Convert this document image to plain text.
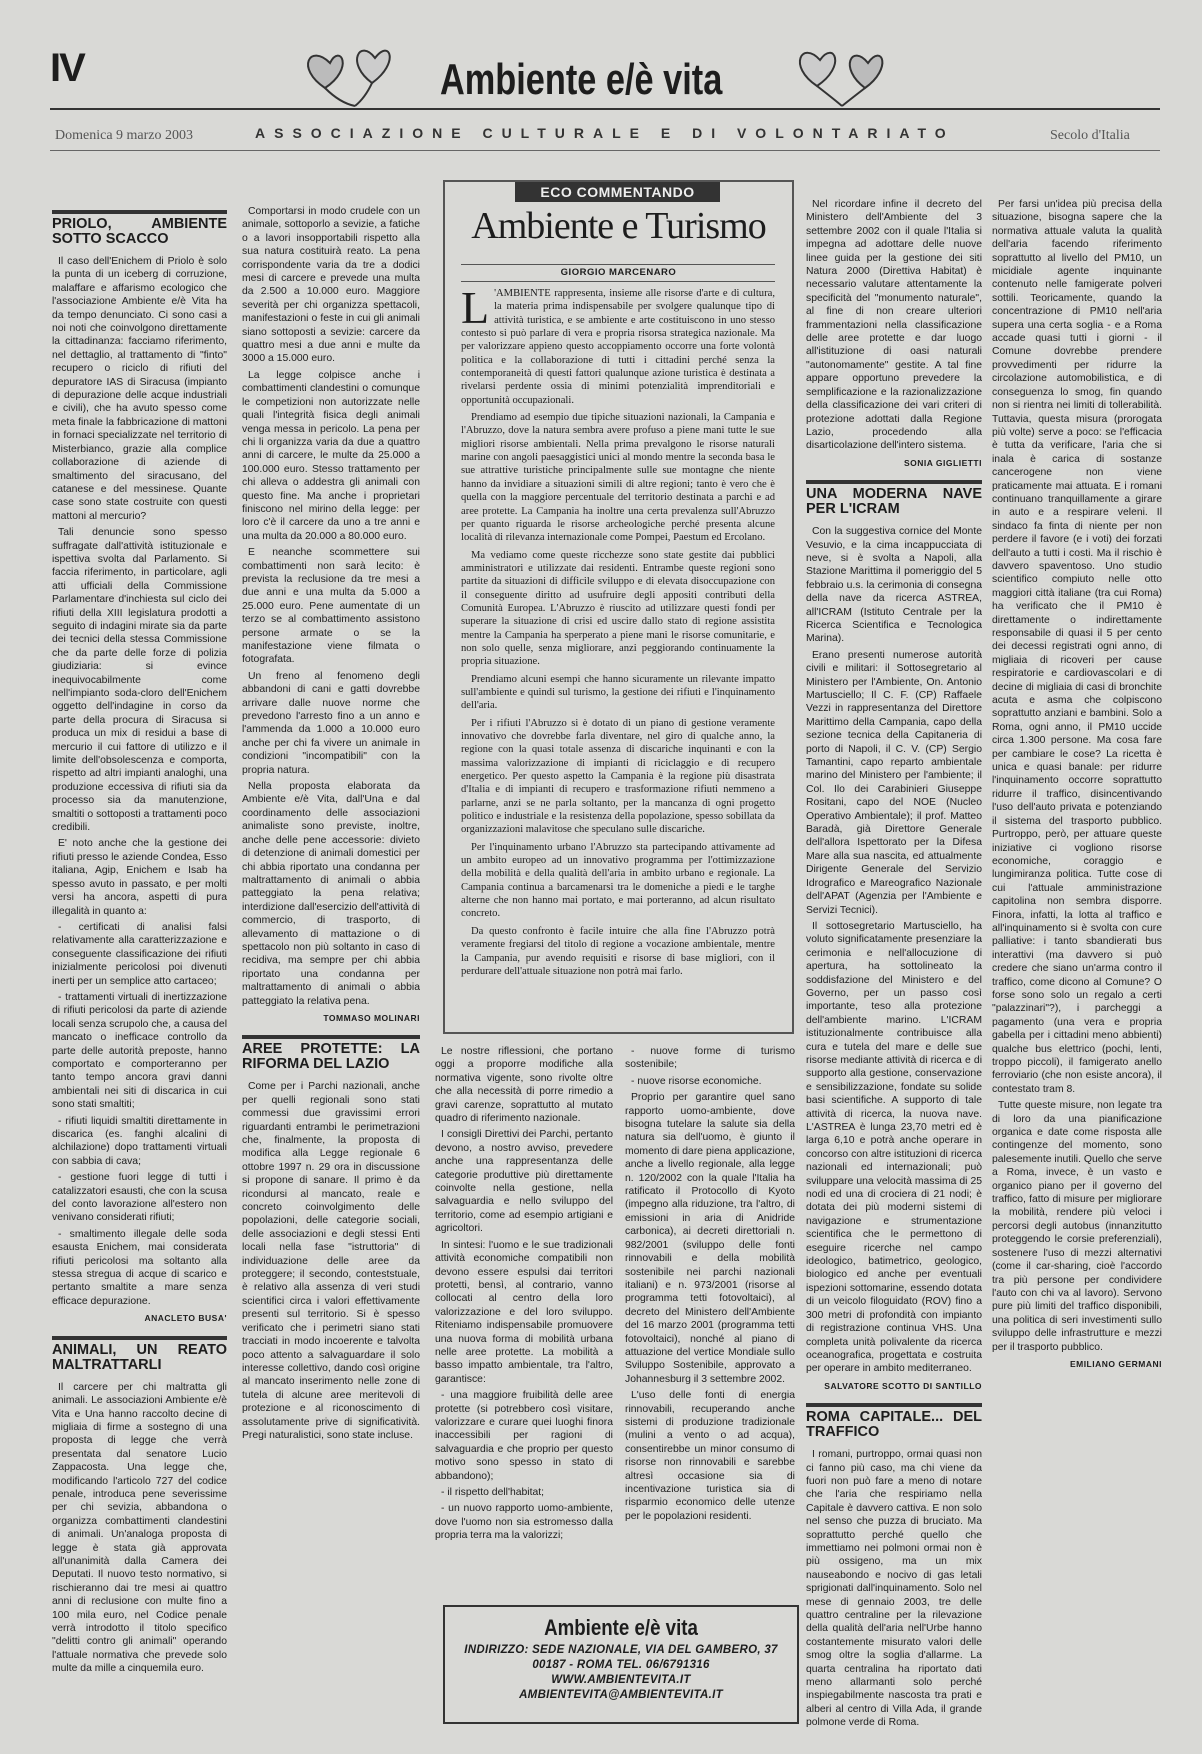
IV	Ambiente e/è vita
Domenica 9 marzo 2003	ASSOCIAZIONE CULTURALE E DI VOLONTARIATO	Secolo d'Italia
PRIOLO, AMBIENTE SOTTO SCACCO

Il caso dell'Enichem di Priolo è solo la punta di un iceberg di corruzione, malaffare e affarismo ecologico che l'associazione Ambiente e/è Vita ha da tempo denunciato. Ci sono casi a noi noti che coinvolgono direttamente la cittadinanza: facciamo riferimento, nel dettaglio, al trattamento di "finto" recupero o riciclo di rifiuti del depuratore IAS di Siracusa (impianto di depurazione delle acque industriali e civili), che ha avuto spesso come meta finale la fabbricazione di mattoni in fornaci specializzate nel territorio di Misterbianco, grazie alla complice collaborazione di aziende di smaltimento del siracusano, del catanese e del messinese. Quante case sono state costruite con questi mattoni al mercurio?

Tali denuncie sono spesso suffragate dall'attività istituzionale e ispettiva svolta dal Parlamento. Si faccia riferimento, in particolare, agli atti ufficiali della Commissione Parlamentare d'inchiesta sul ciclo dei rifiuti della XIII legislatura prodotti a seguito di indagini mirate sia da parte dei tecnici della stessa Commissione che da parte delle forze di polizia giudiziaria: si evince inequivocabilmente come nell'impianto soda-cloro dell'Enichem oggetto dell'indagine in corso da parte della procura di Siracusa si produca un mix di residui a base di mercurio il cui fattore di utilizzo e il limite dell'obsolescenza e comporta, rispetto ad altri impianti analoghi, una produzione eccessiva di rifiuti sia da processo sia da manutenzione, smaltiti o sottoposti a trattamenti poco credibili.

E' noto anche che la gestione dei rifiuti presso le aziende Condea, Esso italiana, Agip, Enichem e Isab ha spesso avuto in passato, e per molti versi ha ancora, aspetti di pura illegalità in quanto a:

- certificati di analisi falsi relativamente alla caratterizzazione e conseguente classificazione dei rifiuti inizialmente pericolosi poi divenuti inerti per un semplice atto cartaceo;

- trattamenti virtuali di inertizzazione di rifiuti pericolosi da parte di aziende locali senza scrupolo che, a causa del mancato o inefficace controllo da parte delle autorità preposte, hanno comportato e comporteranno per tanto tempo ancora gravi danni ambientali nei siti di discarica in cui sono stati smaltiti;

- rifiuti liquidi smaltiti direttamente in discarica (es. fanghi alcalini di alchilazione) dopo trattamenti virtuali con sabbia di cava;

- gestione fuori legge di tutti i catalizzatori esausti, che con la scusa del conto lavorazione all'estero non venivano considerati rifiuti;

- smaltimento illegale delle soda esausta Enichem, mai considerata rifiuti pericolosi ma soltanto alla stessa stregua di acque di scarico e pertanto smaltite a mare senza efficace depurazione.

ANACLETO BUSA'
ANIMALI, UN REATO MALTRATTARLI

Il carcere per chi maltratta gli animali. Le associazioni Ambiente e/è Vita e Una hanno raccolto decine di migliaia di firme a sostegno di una proposta di legge che verrà presentata dal senatore Lucio Zappacosta. Una legge che, modificando l'articolo 727 del codice penale, introduca pene severissime per chi sevizia, abbandona o organizza combattimenti clandestini di animali. Un'analoga proposta di legge è stata già approvata all'unanimità dalla Camera dei Deputati. Il nuovo testo normativo, si rischieranno dai tre mesi ai quattro anni di reclusione con multe fino a 100 mila euro, nel Codice penale verrà introdotto il titolo specifico "delitti contro gli animali" operando l'attuale normativa che prevede solo multe da mille a cinquemila euro.

Comportarsi in modo crudele con un animale, sottoporlo a sevizie, a fatiche o a lavori insopportabili rispetto alla sua natura costituirà reato. La pena corrispondente varia da tre a dodici mesi di carcere e prevede una multa da 2.500 a 10.000 euro. Maggiore severità per chi organizza spettacoli, manifestazioni o feste in cui gli animali siano sottoposti a sevizie: carcere da quattro mesi a due anni e multe da 3000 a 15.000 euro.

La legge colpisce anche i combattimenti clandestini o comunque le competizioni non autorizzate nelle quali l'integrità fisica degli animali venga messa in pericolo. La pena per chi li organizza varia da due a quattro anni di carcere, le multe da 25.000 a 100.000 euro. Stesso trattamento per chi alleva o addestra gli animali con questo fine. Ma anche i proprietari finiscono nel mirino della legge: per loro c'è il carcere da uno a tre anni e una multa da 20.000 a 80.000 euro.

E neanche scommettere sui combattimenti non sarà lecito: è prevista la reclusione da tre mesi a due anni e una multa da 5.000 a 25.000 euro. Pene aumentate di un terzo se al combattimento assistono persone armate o se la manifestazione viene filmata o fotografata.

Un freno al fenomeno degli abbandoni di cani e gatti dovrebbe arrivare dalle nuove norme che prevedono l'arresto fino a un anno e l'ammenda da 1.000 a 10.000 euro anche per chi fa vivere un animale in condizioni "incompatibili" con la propria natura.

Nella proposta elaborata da Ambiente e/è Vita, dall'Una e dal coordinamento delle associazioni animaliste sono previste, inoltre, anche delle pene accessorie: divieto di detenzione di animali domestici per chi abbia riportato una condanna per maltrattamento di animali o abbia patteggiato la pena relativa; interdizione dall'esercizio dell'attività di commercio, di trasporto, di allevamento di mattazione o di spettacolo non più soltanto in caso di recidiva, ma sempre per chi abbia riportato una condanna per maltrattamento di animali o abbia patteggiato la relativa pena.

TOMMASO MOLINARI
AREE PROTETTE: LA RIFORMA DEL LAZIO

Come per i Parchi nazionali, anche per quelli regionali sono stati commessi due gravissimi errori riguardanti entrambi le perimetrazioni che, finalmente, la proposta di modifica alla Legge regionale 6 ottobre 1997 n. 29 ora in discussione si propone di sanare. Il primo è da ricondursi al mancato, reale e concreto coinvolgimento delle popolazioni, delle categorie sociali, delle associazioni e degli stessi Enti locali nella fase "istruttoria" di individuazione delle aree da proteggere; il secondo, conteststuale, è relativo alla assenza di veri studi scientifici circa i valori effettivamente presenti sul territorio. Si è spesso verificato che i perimetri siano stati tracciati in modo incoerente e talvolta poco attento a salvaguardare il solo interesse collettivo, dando così origine al mancato inserimento nelle zone di tutela di alcune aree meritevoli di protezione e al riconoscimento di assolutamente prive di significatività. Pregi naturalistici, sono state incluse.

ECO COMMENTANDO
Ambiente e Turismo
GIORGIO MARCENARO

L 'AMBIENTE rappresenta, insieme alle risorse d'arte e di cultura, la materia prima indispensabile per svolgere qualunque tipo di attività turistica, e se ambiente e arte costituiscono in uno stesso contesto si può parlare di vera e propria risorsa strategica nazionale. Ma per valorizzare appieno questo accoppiamento occorre una forte volontà politica e la collaborazione di tutti i cittadini perché senza la contemporaneità di questi fattori qualunque azione turistica è destinata a rivelarsi perdente ossia di minimi potenzialità imprenditoriali e opportunità occupazionali.

Prendiamo ad esempio due tipiche situazioni nazionali, la Campania e l'Abruzzo, dove la natura sembra avere profuso a piene mani tutte le sue migliori risorse ambientali. Nella prima prevalgono le risorse naturali marine con angoli paesaggistici unici al mondo mentre la seconda basa le sue attrattive turistiche principalmente sulle sue montagne che niente hanno da invidiare a situazioni simili di altre regioni; tanto è vero che è quella con la maggiore percentuale del territorio destinata a parchi e ad aree protette. La Campania ha inoltre una certa prevalenza sull'Abruzzo per quanto riguarda le risorse archeologiche perché presenta alcune località di rilevanza internazionale come Pompei, Paestum ed Ercolano.

Ma vediamo come queste ricchezze sono state gestite dai pubblici amministratori e utilizzate dai residenti. Entrambe queste regioni sono partite da situazioni di difficile sviluppo e di elevata disoccupazione con il conseguente diritto ad usufruire degli appositi contributi della Comunità Europea. L'Abruzzo è riuscito ad utilizzare questi fondi per superare la situazione di crisi ed uscire dallo stato di regione assistita mentre la Campania ha sperperato a piene mani le risorse comunitarie, e non solo quelle, senza migliorare, anzi peggiorando continuamente la propria situazione.

Prendiamo alcuni esempi che hanno sicuramente un rilevante impatto sull'ambiente e quindi sul turismo, la gestione dei rifiuti e l'inquinamento dell'aria.

Per i rifiuti l'Abruzzo si è dotato di un piano di gestione veramente innovativo che dovrebbe farla diventare, nel giro di qualche anno, la regione con la quasi totale assenza di discariche inquinanti e con la massima valorizzazione di impianti di riciclaggio e di recupero energetico. Per questo aspetto la Campania è la regione più disastrata d'Italia e di impianti di recupero e trasformazione rifiuti nemmeno a parlarne, anzi se ne parla soltanto, per la mancanza di ogni progetto politico e industriale e la resistenza della popolazione, spesso sobillata da organizzazioni malavitose che speculano sulle discariche.

Per l'inquinamento urbano l'Abruzzo sta partecipando attivamente ad un ambito europeo ad un innovativo programma per l'ottimizzazione della mobilità e della qualità dell'aria in ambito urbano e regionale. La Campania continua a barcamenarsi tra le domeniche a piedi e le targhe alterne che non hanno mai portato, e mai porteranno, ad alcun risultato concreto.

Da questo confronto è facile intuire che alla fine l'Abruzzo potrà veramente fregiarsi del titolo di regione a vocazione ambientale, mentre la Campania, pur avendo requisiti e risorse di base migliori, con il perdurare dell'attuale situazione non potrà mai farlo.

Le nostre riflessioni, che portano oggi a proporre modifiche alla normativa vigente, sono rivolte oltre che alla necessità di porre rimedio a gravi carenze, soprattutto al mutato quadro di riferimento nazionale.

I consigli Direttivi dei Parchi, pertanto devono, a nostro avviso, prevedere anche una rappresentanza delle categorie produttive più direttamente coinvolte nella gestione, nella salvaguardia e nello sviluppo del territorio, come ad esempio artigiani e agricoltori.

In sintesi: l'uomo e le sue tradizionali attività economiche compatibili non devono essere espulsi dai territori protetti, bensì, al contrario, vanno collocati al centro della loro valorizzazione e del loro sviluppo. Riteniamo indispensabile promuovere una nuova forma di mobilità urbana nelle aree protette. La mobilità a basso impatto ambientale, tra l'altro, garantisce:

- una maggiore fruibilità delle aree protette (si potrebbero così visitare, valorizzare e curare quei luoghi finora inaccessibili per ragioni di salvaguardia e che proprio per questo motivo sono spesso in stato di abbandono);

- il rispetto dell'habitat;

- un nuovo rapporto uomo-ambiente, dove l'uomo non sia estromesso dalla propria terra ma la valorizzi;

- nuove forme di turismo sostenibile;

- nuove risorse economiche.

Proprio per garantire quel sano rapporto uomo-ambiente, dove bisogna tutelare la salute sia della natura sia dell'uomo, è giunto il momento di dare piena applicazione, anche a livello regionale, alla legge n. 120/2002 con la quale l'Italia ha ratificato il Protocollo di Kyoto (impegno alla riduzione, tra l'altro, di emissioni in aria di Anidride carbonica), ai decreti direttoriali n. 982/2001 (sviluppo delle fonti rinnovabili e della mobilità sostenibile nei parchi nazionali italiani) e n. 973/2001 (risorse al programma tetti fotovoltaici), al decreto del Ministero dell'Ambiente del 16 marzo 2001 (programma tetti fotovoltaici), nonché al piano di attuazione del vertice Mondiale sullo Sviluppo Sostenibile, approvato a Johannesburg il 3 settembre 2002.

L'uso delle fonti di energia rinnovabili, recuperando anche sistemi di produzione tradizionale (mulini a vento o ad acqua), consentirebbe un minor consumo di risorse non rinnovabili e sarebbe altresì occasione sia di incentivazione turistica sia di risparmio economico delle utenze per le popolazioni residenti.

Nel ricordare infine il decreto del Ministero dell'Ambiente del 3 settembre 2002 con il quale l'Italia si impegna ad adottare delle nuove linee guida per la gestione dei siti Natura 2000 (Direttiva Habitat) è necessario valutare attentamente la specificità del "monumento naturale", al fine di non creare ulteriori frammentazioni nella classificazione delle aree protette e dar luogo all'istituzione di oasi naturali "autonomamente" gestite. A tal fine appare opportuno prevedere la semplificazione e la razionalizzazione della classificazione dei vari criteri di protezione adottati dalla Regione Lazio, procedendo alla disarticolazione dell'intero sistema.

SONIA GIGLIETTI
UNA MODERNA NAVE PER L'ICRAM

Con la suggestiva cornice del Monte Vesuvio, e la cima incappucciata di neve, si è svolta a Napoli, alla Stazione Marittima il pomeriggio del 5 febbraio u.s. la cerimonia di consegna della nave da ricerca ASTREA, all'ICRAM (Istituto Centrale per la Ricerca Scientifica e Tecnologica Marina).

Erano presenti numerose autorità civili e militari: il Sottosegretario al Ministero per l'Ambiente, On. Antonio Martusciello; Il C. F. (CP) Raffaele Vezzi in rappresentanza del Direttore Marittimo della Campania, capo della sezione tecnica della Capitaneria di porto di Napoli, il C. V. (CP) Sergio Tamantini, capo reparto ambientale marino del Ministero per l'ambiente; il Col. Ilo dei Carabinieri Giuseppe Rositani, capo del NOE (Nucleo Operativo Ambientale); il prof. Matteo Baradà, già Direttore Generale dell'allora Ispettorato per la Difesa Mare alla sua nascita, ed attualmente Dirigente Generale del Servizio Idrografico e Mareografico Nazionale dell'APAT (Agenzia per l'Ambiente e Servizi Tecnici).

Il sottosegretario Martusciello, ha voluto significatamente presenziare la cerimonia e nell'allocuzione di apertura, ha sottolineato la soddisfazione del Ministero e del Governo, per un passo così importante, teso alla protezione dell'ambiente marino. L'ICRAM istituzionalmente contribuisce alla cura e tutela del mare e delle sue risorse mediante attività di ricerca e di supporto alla gestione, conservazione e sensibilizzazione, fondate su solide basi scientifiche. A supporto di tale attività di ricerca, la nuova nave. L'ASTREA è lunga 23,70 metri ed è larga 6,10 e potrà anche operare in concorso con altre istituzioni di ricerca nazionali ed internazionali; può sviluppare una velocità massima di 25 nodi ed una di crociera di 21 nodi; è dotata dei più moderni sistemi di navigazione e strumentazione scientifica che le permettono di eseguire ricerche nel campo ideologico, batimetrico, geologico, biologico ed anche per eventuali ispezioni sottomarine, essendo dotata di un veicolo filoguidato (ROV) fino a 300 metri di profondità con impianto di registrazione continua VHS. Una completa unità polivalente da ricerca oceanografica, progettata e costruita per operare in ambito mediterraneo.

SALVATORE SCOTTO DI SANTILLO
ROMA CAPITALE... DEL TRAFFICO

I romani, purtroppo, ormai quasi non ci fanno più caso, ma chi viene da fuori non può fare a meno di notare che l'aria che respiriamo nella Capitale è davvero cattiva. E non solo nel senso che puzza di bruciato. Ma soprattutto perché quello che immettiamo nei polmoni ormai non è più ossigeno, ma un mix nauseabondo e nocivo di gas letali sprigionati dall'inquinamento. Solo nel mese di gennaio 2003, tre delle quattro centraline per la rilevazione della qualità dell'aria nell'Urbe hanno costantemente misurato valori delle smog oltre la soglia d'allarme. La quarta centralina ha riportato dati meno allarmanti solo perché inspiegabilmente nascosta tra prati e alberi al centro di Villa Ada, il grande polmone verde di Roma.

Per farsi un'idea più precisa della situazione, bisogna sapere che la normativa attuale valuta la qualità dell'aria facendo riferimento soprattutto al livello del PM10, un micidiale agente inquinante contenuto nelle famigerate polveri sottili. Teoricamente, quando la concentrazione di PM10 nell'aria supera una certa soglia - e a Roma accade quasi tutti i giorni - il Comune dovrebbe prendere provvedimenti per ridurre la circolazione automobilistica, e di conseguenza lo smog, fin quando non si rientra nei limiti di tollerabilità. Tuttavia, questa misura (prorogata più volte) serve a poco: se l'efficacia è tutta da verificare, l'aria che si inala è carica di sostanze cancerogene non viene praticamente mai attuata. E i romani continuano tranquillamente a girare in auto e a respirare veleni. Il sindaco fa finta di niente per non perdere il favore (e i voti) dei forzati dell'auto a tutti i costi. Ma il rischio è davvero spaventoso. Uno studio scientifico compiuto nelle otto maggiori città italiane (tra cui Roma) ha verificato che il PM10 è direttamente o indirettamente responsabile di quasi il 5 per cento dei decessi registrati ogni anno, di migliaia di ricoveri per cause respiratorie e cardiovascolari e di decine di migliaia di casi di bronchite acuta e asma che colpiscono soprattutto anziani e bambini. Solo a Roma, ogni anno, il PM10 uccide circa 1.300 persone. Ma cosa fare per cambiare le cose? La ricetta è unica e quasi banale: per ridurre l'inquinamento occorre soprattutto ridurre il traffico, disincentivando l'uso dell'auto privata e potenziando il sistema del trasporto pubblico. Purtroppo, però, per attuare queste iniziative ci vogliono risorse economiche, coraggio e lungimiranza politica. Tutte cose di cui l'attuale amministrazione capitolina non sembra disporre. Finora, infatti, la lotta al traffico e all'inquinamento si è svolta con cure palliative: i tanto sbandierati bus interattivi (ma davvero si può credere che siano un'arma contro il traffico, come dicono al Comune? O forse sono solo un regalo a certi "palazzinari"?), i parcheggi a pagamento (una vera e propria gabella per i cittadini meno abbienti) qualche bus elettrico (pochi, lenti, troppo piccoli), il famigerato anello ferroviario (che non esiste ancora), il contestato tram 8.

Tutte queste misure, non legate tra di loro da una pianificazione organica e date come risposta alle contingenze del momento, sono palesemente inutili. Quello che serve a Roma, invece, è un vasto e organico piano per il governo del traffico, fatto di misure per migliorare la mobilità, rendere più veloci i percorsi degli autobus (innanzitutto proteggendo le corsie preferenziali), sostenere l'uso di mezzi alternativi (come il car-sharing, cioè l'accordo tra più persone per condividere l'auto con chi va al lavoro). Servono pure più limiti del traffico disponibili, una politica di seri investimenti sullo sviluppo delle infrastrutture e mezzi per il trasporto pubblico.

EMILIANO GERMANI
Ambiente e/è vita
INDIRIZZO: SEDE NAZIONALE, VIA DEL GAMBERO, 37
00187 - ROMA TEL. 06/6791316
WWW.AMBIENTEVITA.IT
AMBIENTEVITA@AMBIENTEVITA.IT
